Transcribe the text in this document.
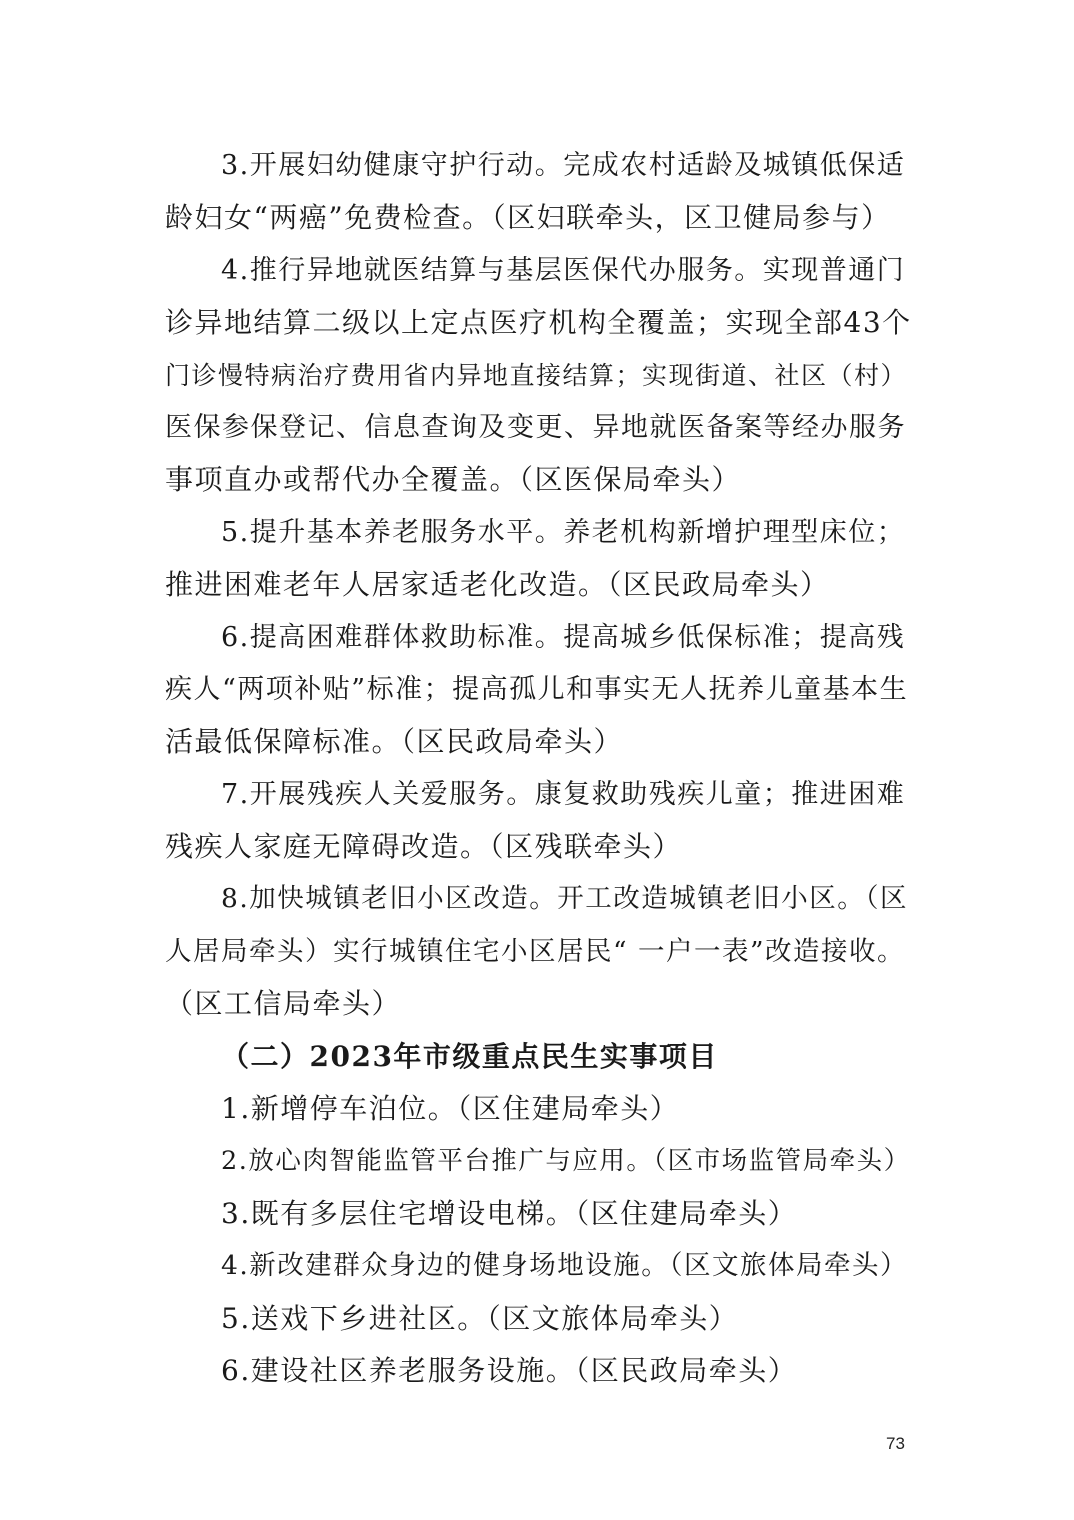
3.开展妇幼健康守护行动。完成农村适龄及城镇低保适
龄妇女“两癌”免费检查。（区妇联牵头，区卫健局参与）
4.推行异地就医结算与基层医保代办服务。实现普通门
诊异地结算二级以上定点医疗机构全覆盖；实现全部43个
门诊慢特病治疗费用省内异地直接结算；实现街道、社区（村）
医保参保登记、信息查询及变更、异地就医备案等经办服务
事项直办或帮代办全覆盖。（区医保局牵头）
5.提升基本养老服务水平。养老机构新增护理型床位；
推进困难老年人居家适老化改造。（区民政局牵头）
6.提高困难群体救助标准。提高城乡低保标准；提高残
疾人“两项补贴”标准；提高孤儿和事实无人抚养儿童基本生
活最低保障标准。（区民政局牵头）
7.开展残疾人关爱服务。康复救助残疾儿童；推进困难
残疾人家庭无障碍改造。（区残联牵头）
8.加快城镇老旧小区改造。开工改造城镇老旧小区。（区
人居局牵头）实行城镇住宅小区居民“ 一户一表”改造接收。
（区工信局牵头）
（二）2023年市级重点民生实事项目
1.新增停车泊位。（区住建局牵头）
2.放心肉智能监管平台推广与应用。（区市场监管局牵头）
3.既有多层住宅增设电梯。（区住建局牵头）
4.新改建群众身边的健身场地设施。（区文旅体局牵头）
5.送戏下乡进社区。（区文旅体局牵头）
6.建设社区养老服务设施。（区民政局牵头）
73
